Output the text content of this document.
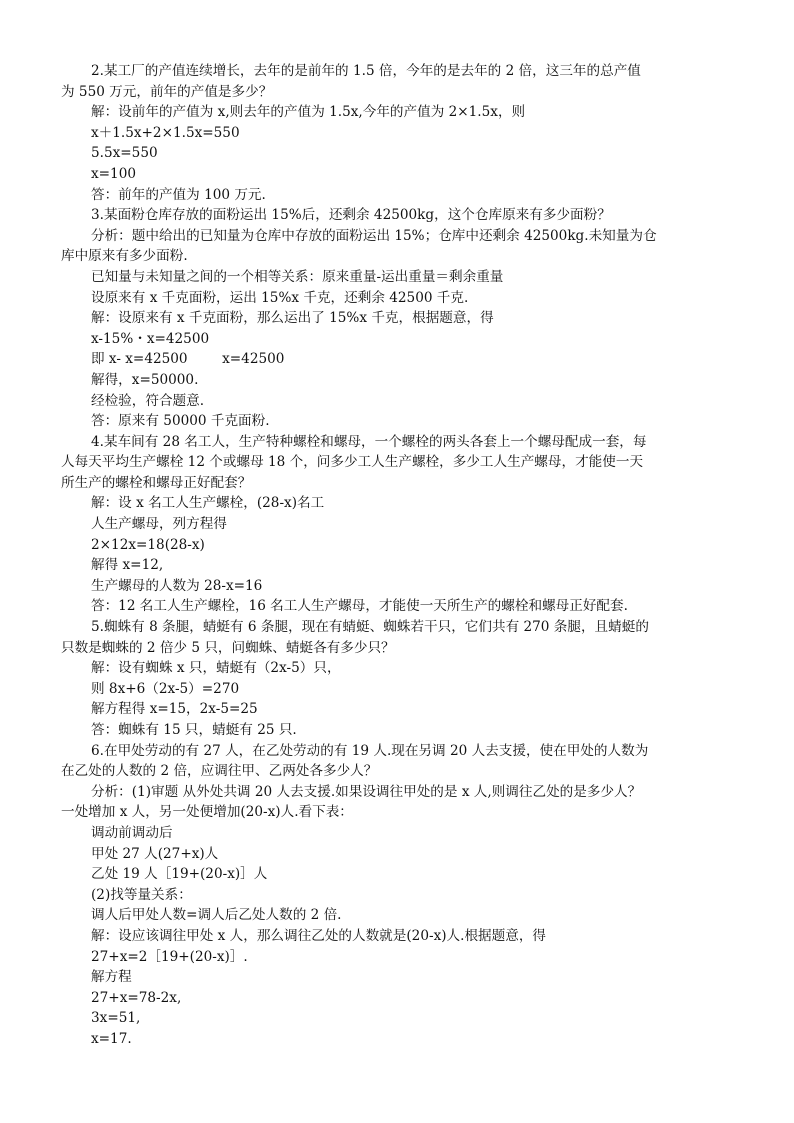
2.某工厂的产值连续增长，去年的是前年的 1.5 倍，今年的是去年的 2 倍，这三年的总产值

为 550 万元，前年的产值是多少？

解：设前年的产值为 x,则去年的产值为 1.5x,今年的产值为 2×1.5x，则

x＋1.5x+2×1.5x=550

5.5x=550

x=100

答：前年的产值为 100 万元.

3.某面粉仓库存放的面粉运出 15%后，还剩余 42500kg，这个仓库原来有多少面粉？

分析：题中给出的已知量为仓库中存放的面粉运出 15%；仓库中还剩余 42500kg.未知量为仓

库中原来有多少面粉.

已知量与未知量之间的一个相等关系：原来重量-运出重量＝剩余重量

设原来有 x 千克面粉，运出 15%x 千克，还剩余 42500 千克.

解：设原来有 x 千克面粉，那么运出了 15%x 千克，根据题意，得

x-15%・x=42500

即 x- x=42500        x=42500

解得，x=50000.

经检验，符合题意.

答：原来有 50000 千克面粉.

4.某车间有 28 名工人，生产特种螺栓和螺母，一个螺栓的两头各套上一个螺母配成一套，每

人每天平均生产螺栓 12 个或螺母 18 个，问多少工人生产螺栓，多少工人生产螺母，才能使一天

所生产的螺栓和螺母正好配套？

解：设 x 名工人生产螺栓，(28-x)名工

人生产螺母，列方程得

2×12x=18(28-x)

解得 x=12,

生产螺母的人数为 28-x=16

答：12 名工人生产螺栓，16 名工人生产螺母，才能使一天所生产的螺栓和螺母正好配套.

5.蜘蛛有 8 条腿，蜻蜓有 6 条腿，现在有蜻蜓、蜘蛛若干只，它们共有 270 条腿，且蜻蜓的

只数是蜘蛛的 2 倍少 5 只，问蜘蛛、蜻蜓各有多少只？

解：设有蜘蛛 x 只，蜻蜓有（2x-5）只，

则 8x+6（2x-5）=270

解方程得 x=15，2x-5=25

答：蜘蛛有 15 只，蜻蜓有 25 只.

6.在甲处劳动的有 27 人，在乙处劳动的有 19 人.现在另调 20 人去支援，使在甲处的人数为

在乙处的人数的 2 倍，应调往甲、乙两处各多少人？

分析：(1)审题 从外处共调 20 人去支援.如果设调往甲处的是 x 人,则调往乙处的是多少人？

一处增加 x 人，另一处便增加(20-x)人.看下表：

调动前调动后

甲处 27 人(27+x)人

乙处 19 人［19+(20-x)］人

(2)找等量关系：

调人后甲处人数=调人后乙处人数的 2 倍.

解：设应该调往甲处 x 人，那么调往乙处的人数就是(20-x)人.根据题意，得

27+x=2［19+(20-x)］.

解方程

27+x=78-2x,

3x=51,

x=17.
